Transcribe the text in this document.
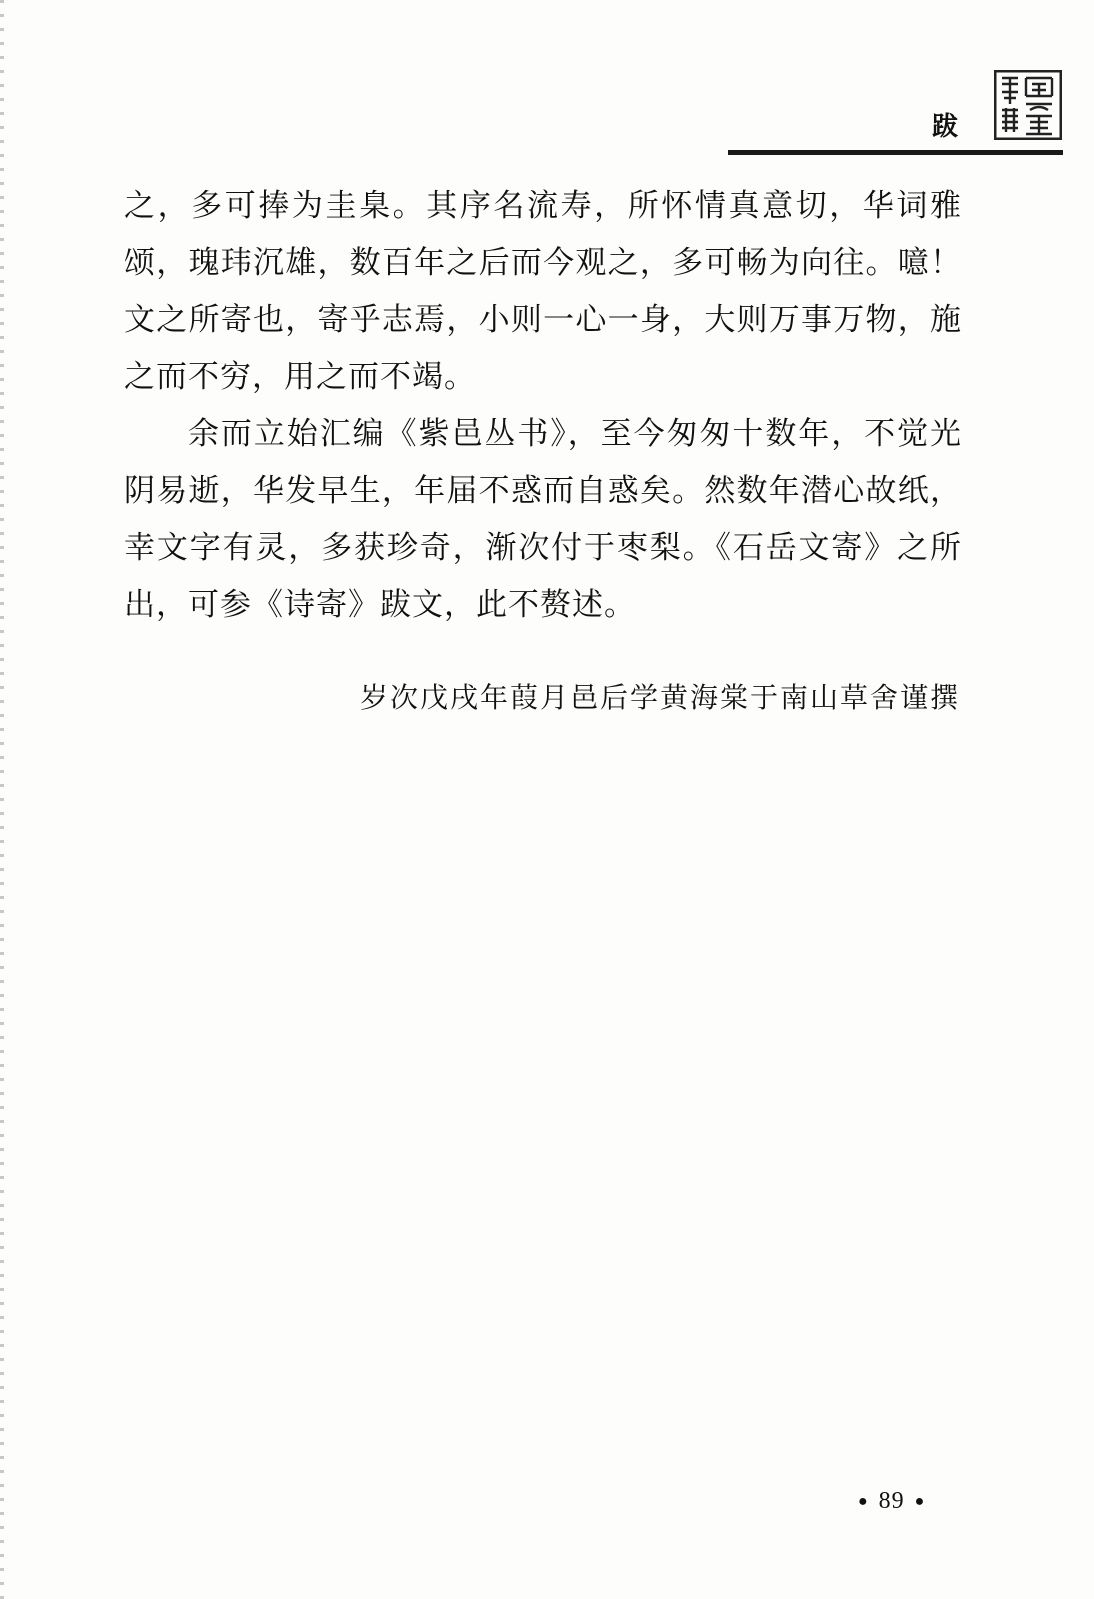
跋

之，多可捧为圭臬。其序名流寿，所怀情真意切，华词雅颂，瑰玮沉雄，数百年之后而今观之，多可畅为向往。噫！文之所寄也，寄乎志焉，小则一心一身，大则万事万物，施之而不穷，用之而不竭。

余而立始汇编《紫邑丛书》，至今匆匆十数年，不觉光阴易逝，华发早生，年届不惑而自惑矣。然数年潜心故纸，幸文字有灵，多获珍奇，渐次付于枣梨。《石岳文寄》之所出，可参《诗寄》跋文，此不赘述。

岁次戊戌年葭月邑后学黄海棠于南山草舍谨撰
● 89 ●
